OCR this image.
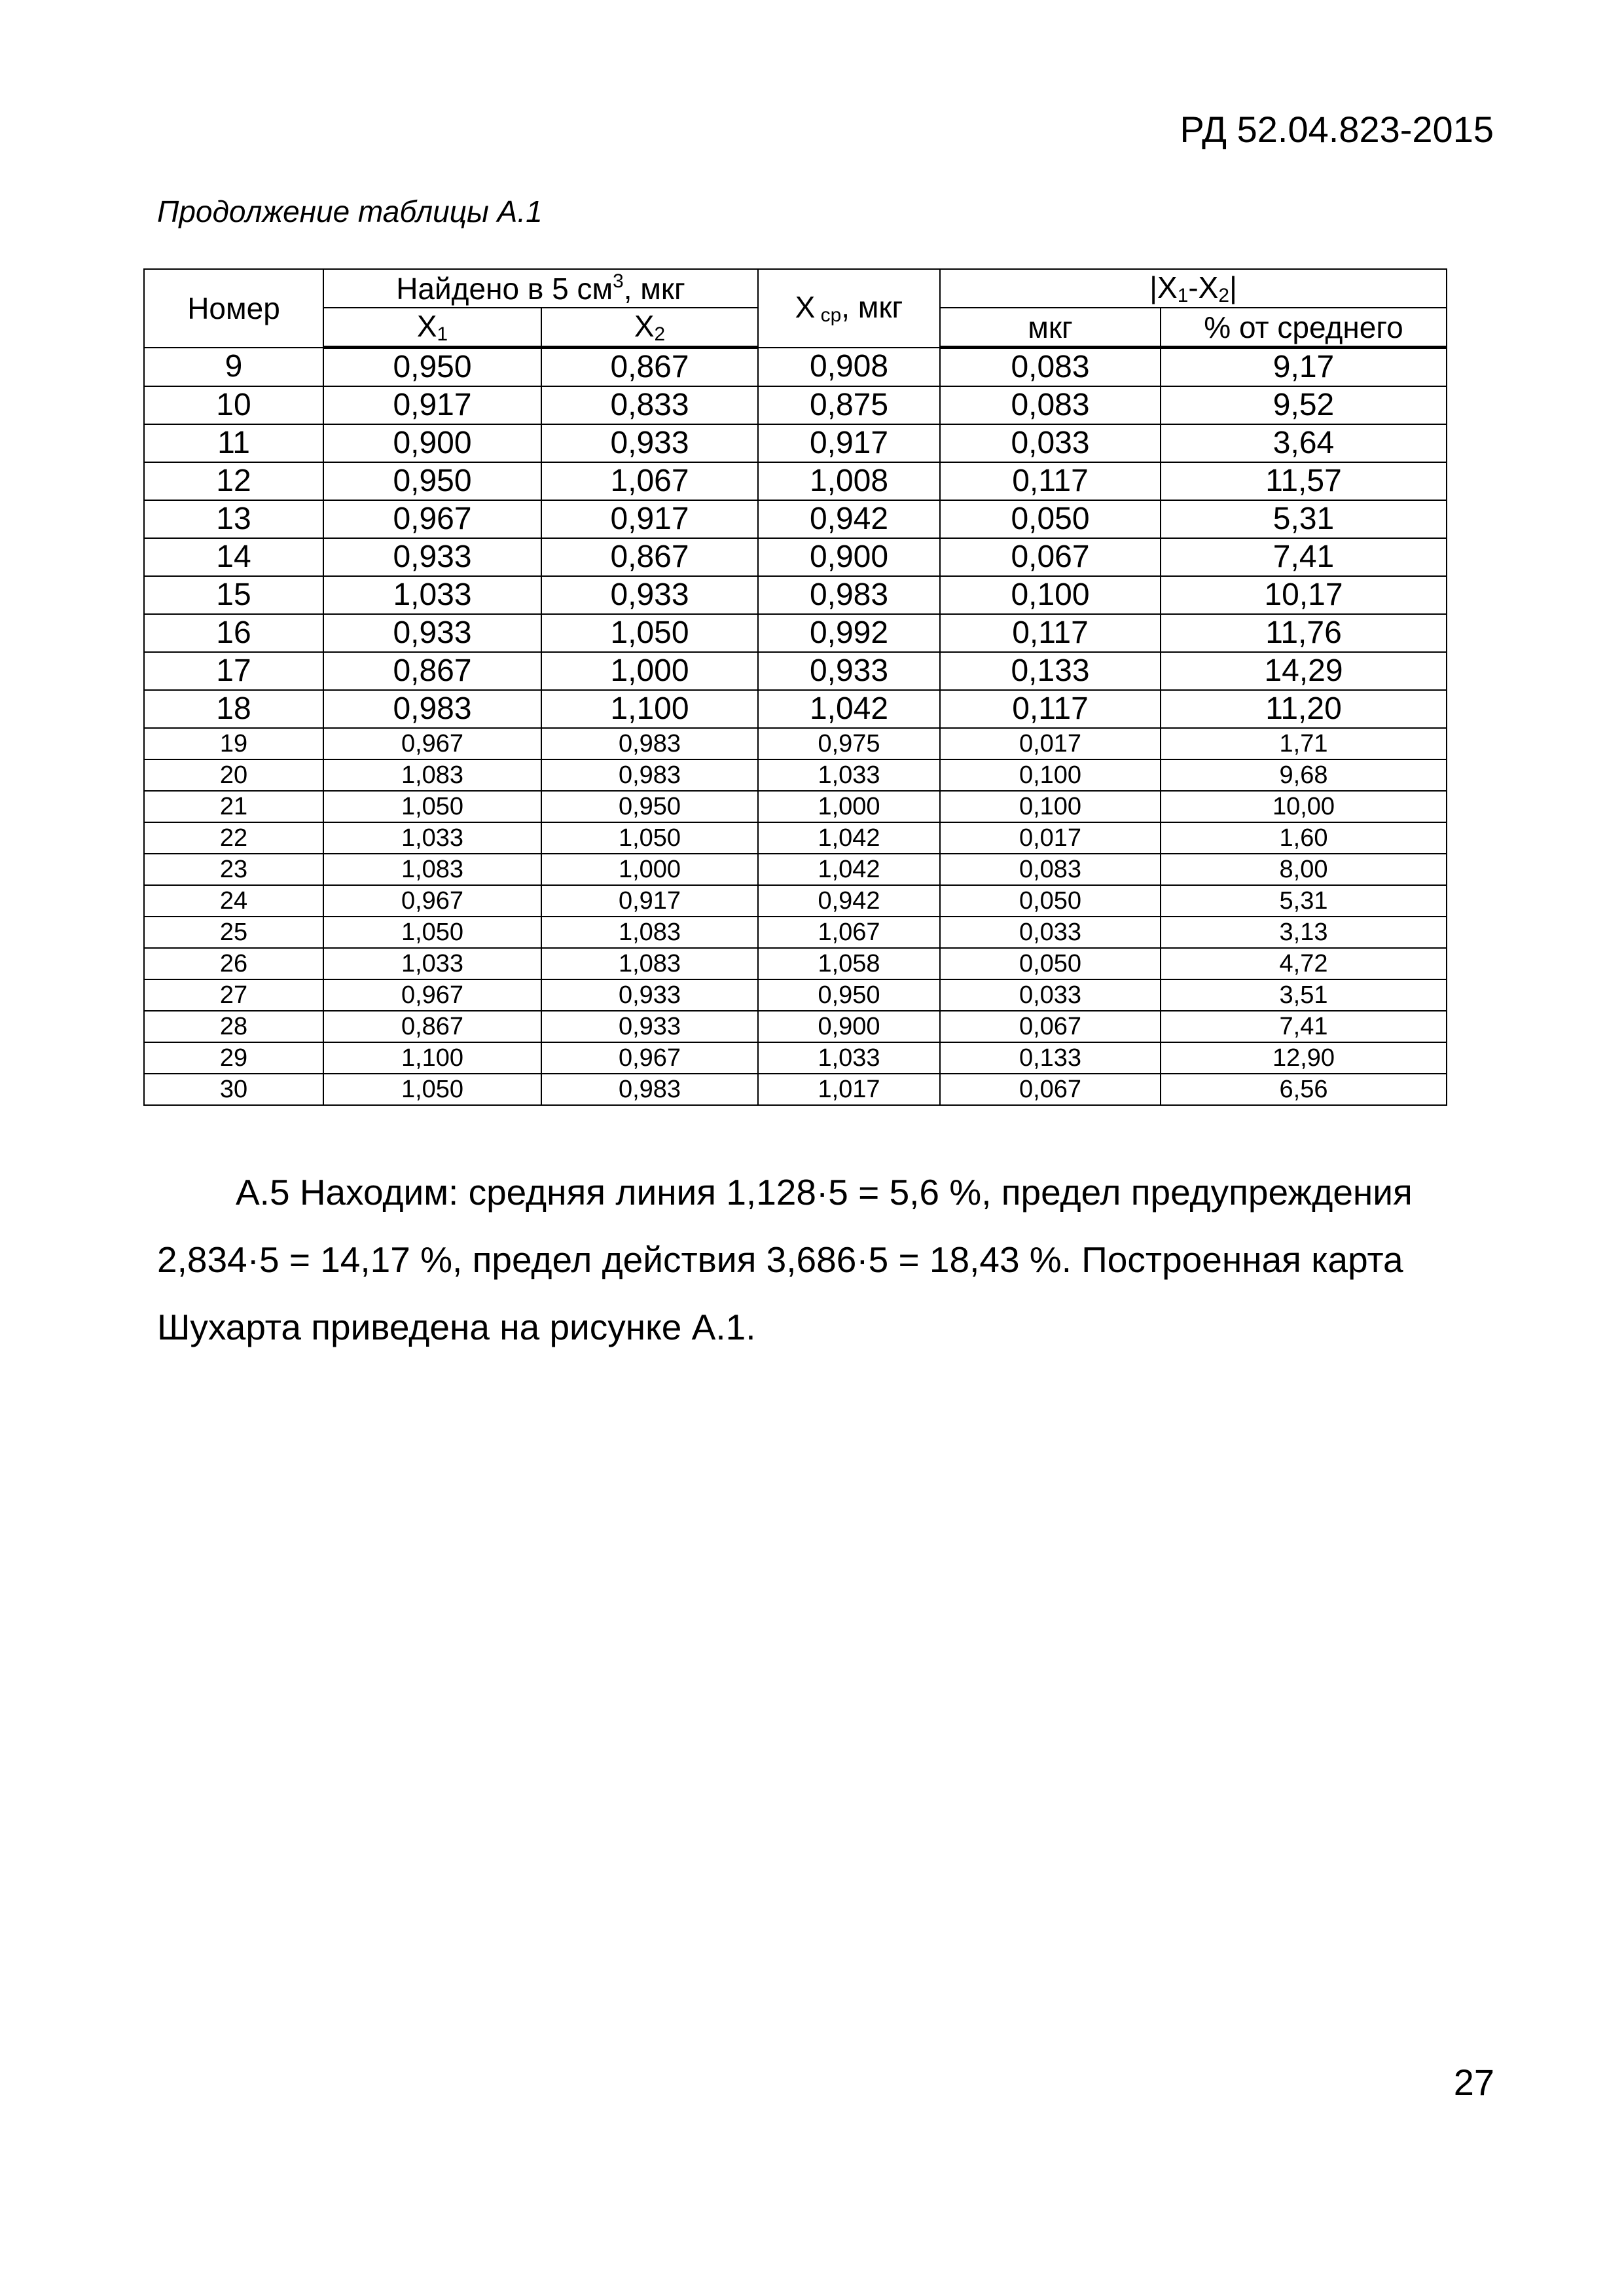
РД 52.04.823-2015
Продолжение таблицы А.1
Номер	Найдено в 5 $см^3$, мкг		X $_{ср}$, мкг	$|X_1-X_2|$	
	$X_1$	$X_2$		мкг	% от среднего
9	0,950	0,867	0,908	0,083	9,17
10	0,917	0,833	0,875	0,083	9,52
11	0,900	0,933	0,917	0,033	3,64
12	0,950	1,067	1,008	0,117	11,57
13	0,967	0,917	0,942	0,050	5,31
14	0,933	0,867	0,900	0,067	7,41
15	1,033	0,933	0,983	0,100	10,17
16	0,933	1,050	0,992	0,117	11,76
17	0,867	1,000	0,933	0,133	14,29
18	0,983	1,100	1,042	0,117	11,20
19	0,967	0,983	0,975	0,017	1,71
20	1,083	0,983	1,033	0,100	9,68
21	1,050	0,950	1,000	0,100	10,00
22	1,033	1,050	1,042	0,017	1,60
23	1,083	1,000	1,042	0,083	8,00
24	0,967	0,917	0,942	0,050	5,31
25	1,050	1,083	1,067	0,033	3,13
26	1,033	1,083	1,058	0,050	4,72
27	0,967	0,933	0,950	0,033	3,51
28	0,867	0,933	0,900	0,067	7,41
29	1,100	0,967	1,033	0,133	12,90
30	1,050	0,983	1,017	0,067	6,56
А.5 Находим: средняя линия 1,128·5 = 5,6 %, предел предупреждения
2,834·5 = 14,17 %, предел действия 3,686·5 = 18,43 %. Построенная карта
Шухарта приведена на рисунке А.1.
27
